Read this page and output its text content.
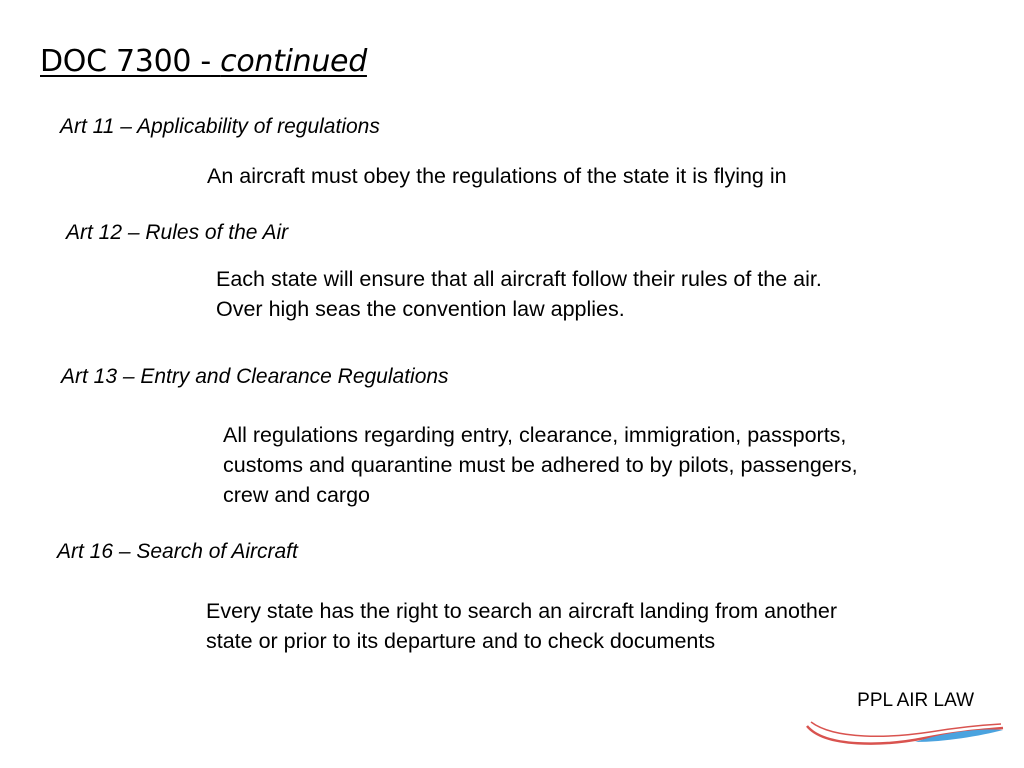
DOC 7300 - continued
Art 11 – Applicability of regulations
An aircraft must obey the regulations of the state it is flying in
Art 12 – Rules of the Air
Each state will ensure that all aircraft follow their rules of the air.
Over high seas the convention law applies.
Art 13 – Entry and Clearance Regulations
All regulations regarding entry, clearance, immigration, passports,
customs and quarantine must be adhered to by pilots, passengers,
crew and cargo
Art 16 – Search of Aircraft
Every state has the right to search an aircraft landing from another
state or prior to its departure and to check documents
PPL AIR LAW
